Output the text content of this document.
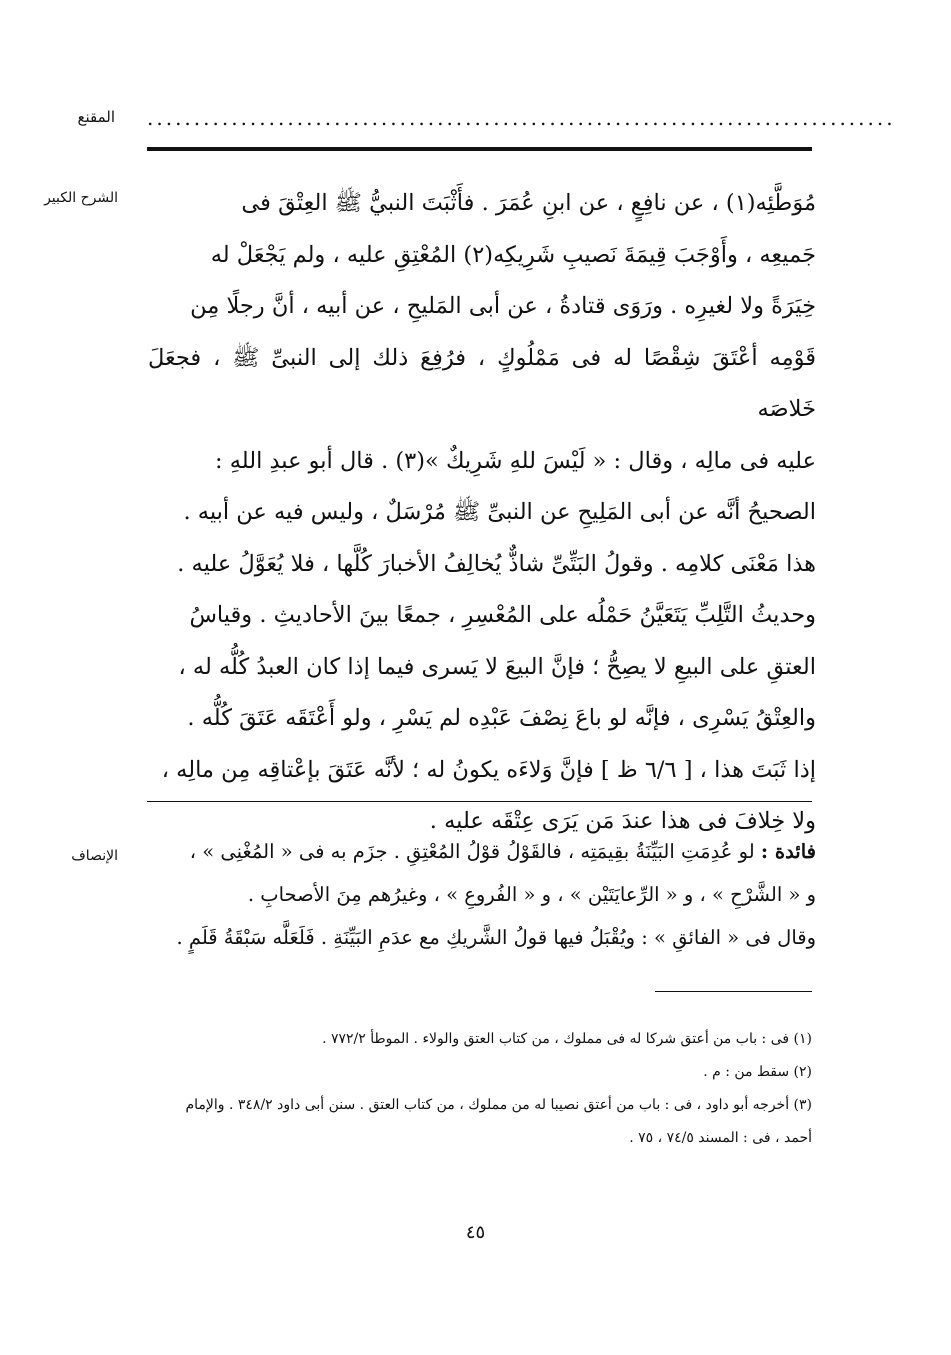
المقنع ................................................................................
الشرح الكبير	مُوَطَّئِه(١) ، عن نافِعٍ ، عن ابنِ عُمَرَ . فأَثْبَتَ النبيُّ ﷺ العِتْقَ فى

جَميعِه ، وأَوْجَبَ قِيمَةَ نَصيبِ شَرِيكِه(٢) المُعْتِقِ عليه ، ولم يَجْعَلْ له

خِيَرَةً ولا لغيرِه . ورَوَى قتادةُ ، عن أبى المَليحِ ، عن أبيه ، أنَّ رجلًا مِن

قَوْمِه أعْتَقَ شِقْصًا له فى مَمْلُوكٍ ، فرُفِعَ ذلك إلى النبىِّ ﷺ ، فجعَلَ خَلاصَه

عليه فى مالِه ، وقال : « لَيْسَ للهِ شَرِيكٌ »(٣) . قال أبو عبدِ اللهِ :

الصحيحُ أنَّه عن أبى المَلِيحِ عن النبىِّ ﷺ مُرْسَلٌ ، وليس فيه عن أبيه .

هذا مَعْنَى كلامِه . وقولُ البَتِّىِّ شاذٌّ يُخالِفُ الأخبارَ كُلَّها ، فلا يُعَوَّلُ عليه .

وحديثُ التَّلِبِّ يَتَعَيَّنُ حَمْلُه على المُعْسِرِ ، جمعًا بينَ الأحاديثِ . وقياسُ

العتقِ على البيعِ لا يصِحُّ ؛ فإنَّ البيعَ لا يَسرى فيما إذا كان العبدُ كُلُّه له ،

والعِتْقُ يَسْرِى ، فإنَّه لو باعَ نِصْفَ عَبْدِه لم يَسْرِ ، ولو أَعْتَقَه عَتَقَ كُلُّه .

إذا ثَبَتَ هذا ، [ ٦/٦ ظ ] فإنَّ وَلاءَه يكونُ له ؛ لأنَّه عَتَقَ بإعْتاقِه مِن مالِه ،

ولا خِلافَ فى هذا عندَ مَن يَرَى عِتْقَه عليه .

الإنصاف	فائدة : لو عُدِمَتِ البَيِّنَةُ بقِيمَتِه ، فالقَوْلُ قوْلُ المُعْتِقِ . جزَم به فى « المُغْنِى » ،

و « الشَّرْحِ » ، و « الرِّعايَتَيْن » ، و « الفُروعِ » ، وغيرُهم مِنَ الأصحابِ .

وقال فى « الفائقِ » : ويُقْبَلُ فيها قولُ الشَّريكِ مع عدَمِ البَيِّنَةِ . فَلَعَلَّه سَبْقَةُ قَلَمٍ .

(١) فى : باب من أعتق شركا له فى مملوك ، من كتاب العتق والولاء . الموطأ ٧٧٢/٢ .

(٢) سقط من : م .

(٣) أخرجه أبو داود ، فى : باب من أعتق نصيبا له من مملوك ، من كتاب العتق . سنن أبى داود ٣٤٨/٢ . والإمام

أحمد ، فى : المسند ٧٤/٥ ، ٧٥ .

٤٥
